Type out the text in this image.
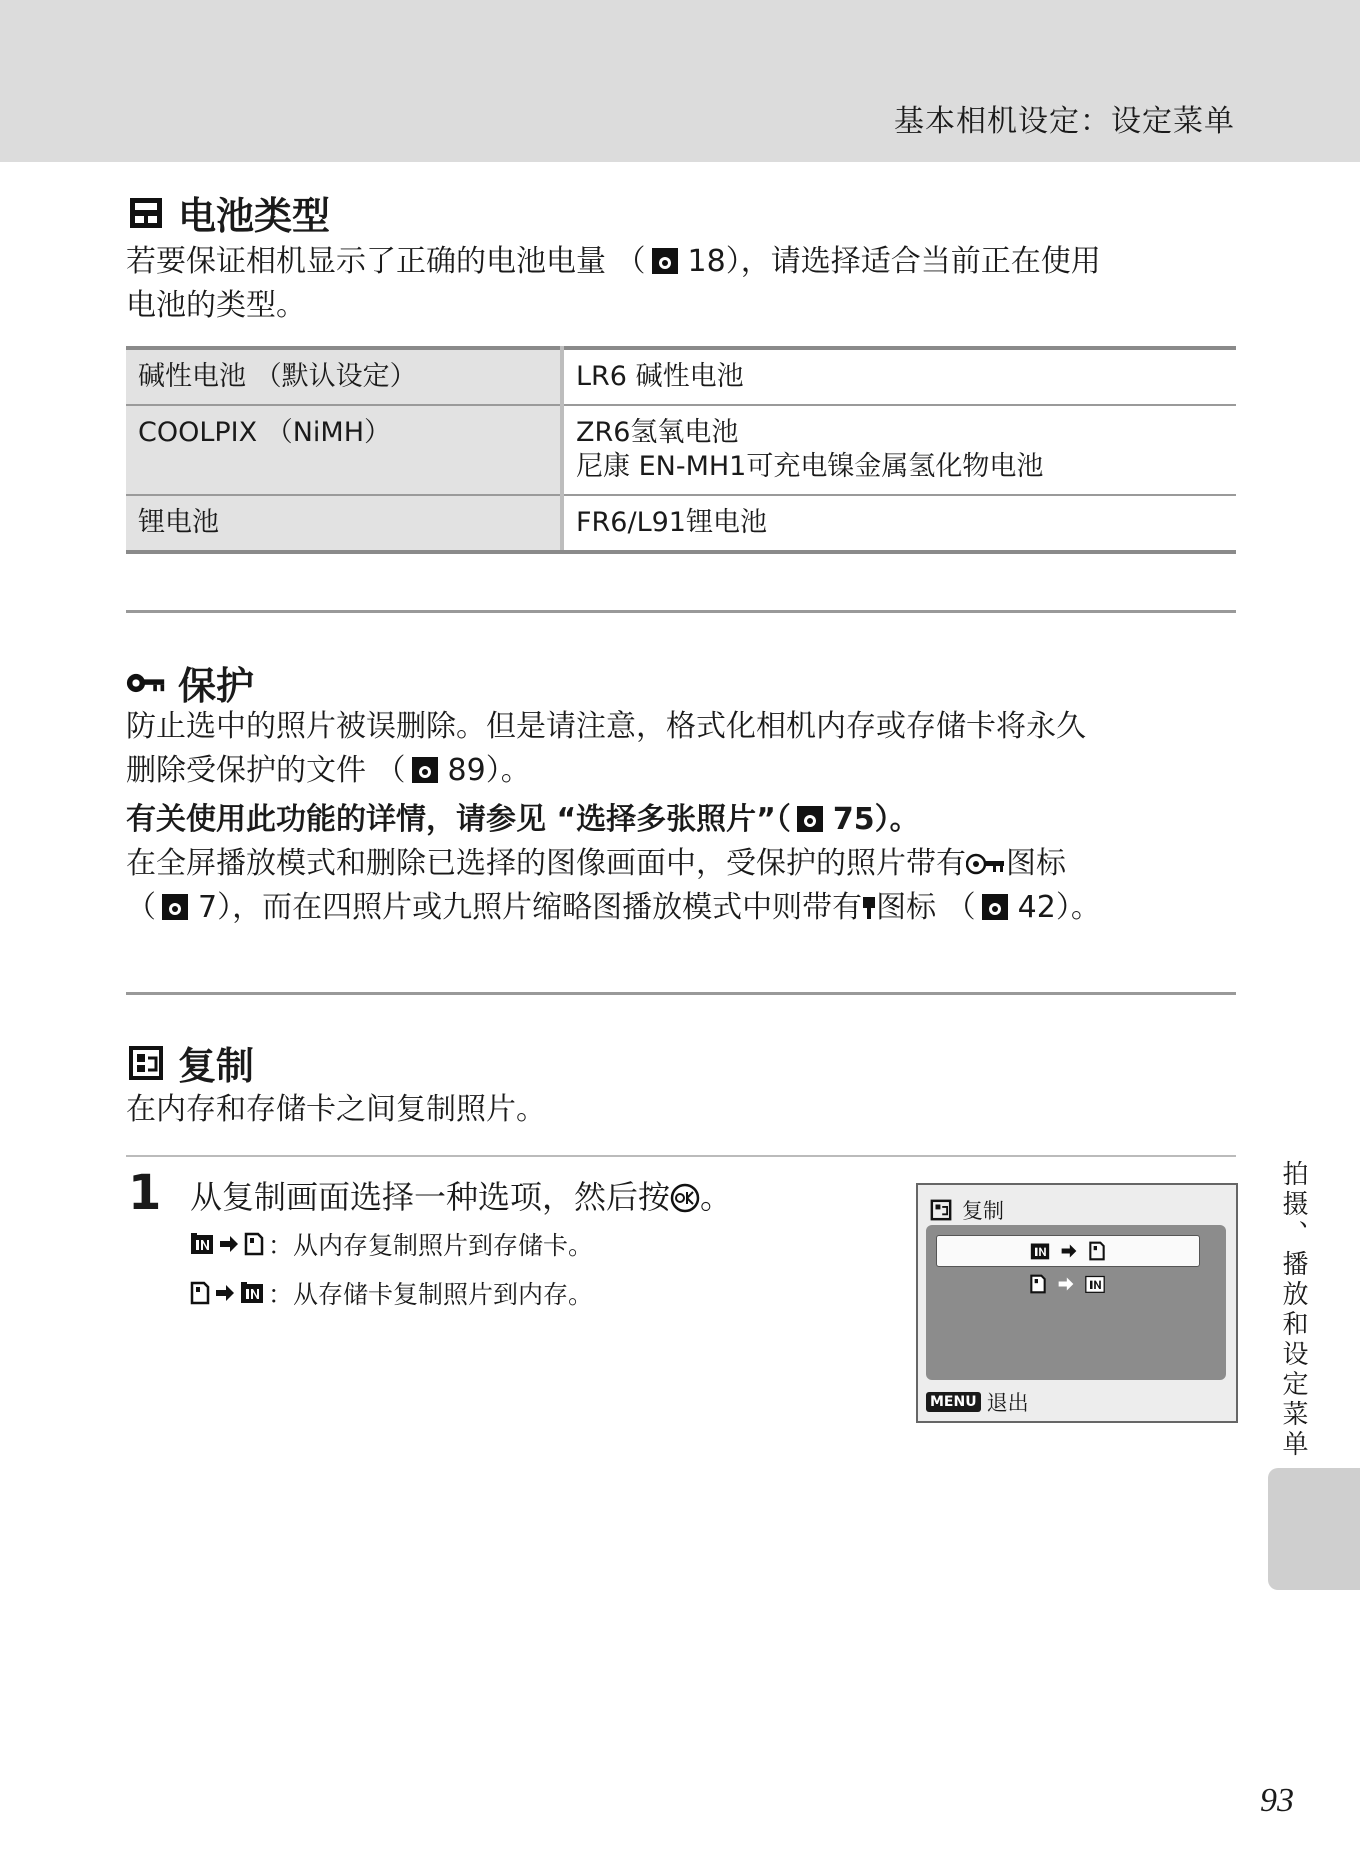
基本相机设定：设定菜单
电池类型
若要保证相机显示了正确的电池电量 （ 18），请选择适合当前正在使用
电池的类型。
碱性电池 （默认设定）	LR6 碱性电池
COOLPIX （NiMH）	ZR6氢氧电池
尼康 EN-MH1可充电镍金属氢化物电池
锂电池	FR6/L91锂电池
保护
防止选中的照片被误删除。但是请注意，格式化相机内存或存储卡将永久
删除受保护的文件 （ 89）。
有关使用此功能的详情，请参见 “选择多张照片”（ 75）。
在全屏播放模式和删除已选择的图像画面中，受保护的照片带有 图标
（ 7），而在四照片或九照片缩略图播放模式中则带有 图标 （ 42）。
复制
在内存和存储卡之间复制照片。
1 从复制画面选择一种选项，然后按 。
：从内存复制照片到存储卡。
：从存储卡复制照片到内存。
复制
MENU 退出	拍摄、播放和设定菜单
93
